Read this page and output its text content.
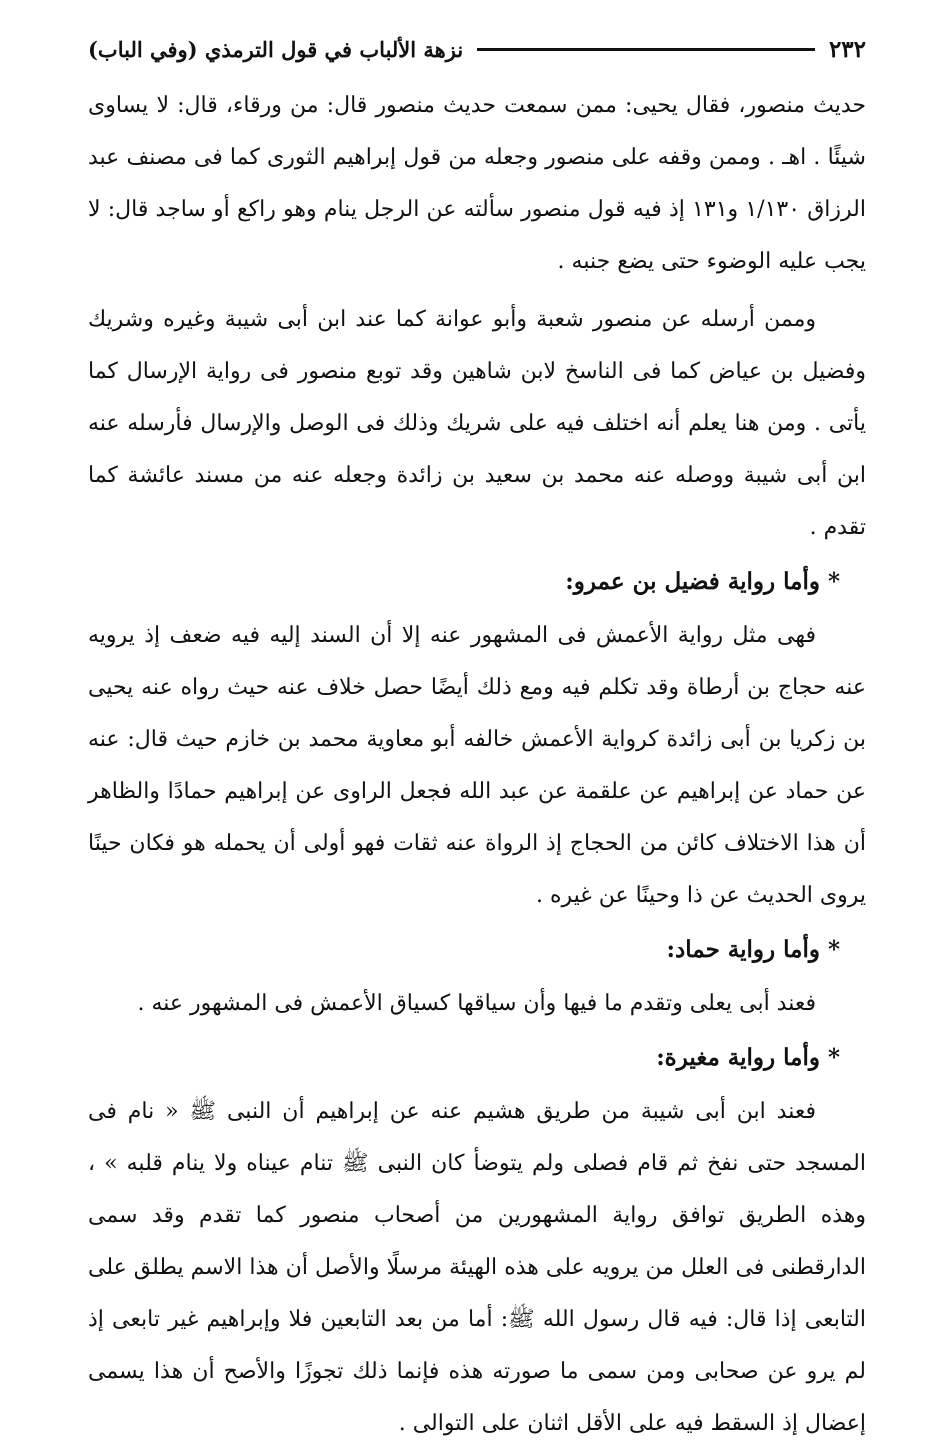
٢٣٢
نزهة الألباب في قول الترمذي (وفي الباب)

حديث منصور، فقال يحيى: ممن سمعت حديث منصور قال: من ورقاء، قال: لا يساوى شيئًا . اهـ . وممن وقفه على منصور وجعله من قول إبراهيم الثورى كما فى مصنف عبد الرزاق ١/١٣٠ و١٣١ إذ فيه قول منصور سألته عن الرجل ينام وهو راكع أو ساجد قال: لا يجب عليه الوضوء حتى يضع جنبه .

وممن أرسله عن منصور شعبة وأبو عوانة كما عند ابن أبى شيبة وغيره وشريك وفضيل بن عياض كما فى الناسخ لابن شاهين وقد توبع منصور فى رواية الإرسال كما يأتى . ومن هنا يعلم أنه اختلف فيه على شريك وذلك فى الوصل والإرسال فأرسله عنه ابن أبى شيبة ووصله عنه محمد بن سعيد بن زائدة وجعله عنه من مسند عائشة كما تقدم .

* وأما رواية فضيل بن عمرو:

فهى مثل رواية الأعمش فى المشهور عنه إلا أن السند إليه فيه ضعف إذ يرويه عنه حجاج بن أرطاة وقد تكلم فيه ومع ذلك أيضًا حصل خلاف عنه حيث رواه عنه يحيى بن زكريا بن أبى زائدة كرواية الأعمش خالفه أبو معاوية محمد بن خازم حيث قال: عنه عن حماد عن إبراهيم عن علقمة عن عبد الله فجعل الراوى عن إبراهيم حمادًا والظاهر أن هذا الاختلاف كائن من الحجاج إذ الرواة عنه ثقات فهو أولى أن يحمله هو فكان حينًا يروى الحديث عن ذا وحينًا عن غيره .

* وأما رواية حماد:

فعند أبى يعلى وتقدم ما فيها وأن سياقها كسياق الأعمش فى المشهور عنه .

* وأما رواية مغيرة:

فعند ابن أبى شيبة من طريق هشيم عنه عن إبراهيم أن النبى ﷺ « نام فى المسجد حتى نفخ ثم قام فصلى ولم يتوضأ كان النبى ﷺ تنام عيناه ولا ينام قلبه » ، وهذه الطريق توافق رواية المشهورين من أصحاب منصور كما تقدم وقد سمى الدارقطنى فى العلل من يرويه على هذه الهيئة مرسلًا والأصل أن هذا الاسم يطلق على التابعى إذا قال: فيه قال رسول الله ﷺ: أما من بعد التابعين فلا وإبراهيم غير تابعى إذ لم يرو عن صحابى ومن سمى ما صورته هذه فإنما ذلك تجوزًا والأصح أن هذا يسمى إعضال إذ السقط فيه على الأقل اثنان على التوالى .
